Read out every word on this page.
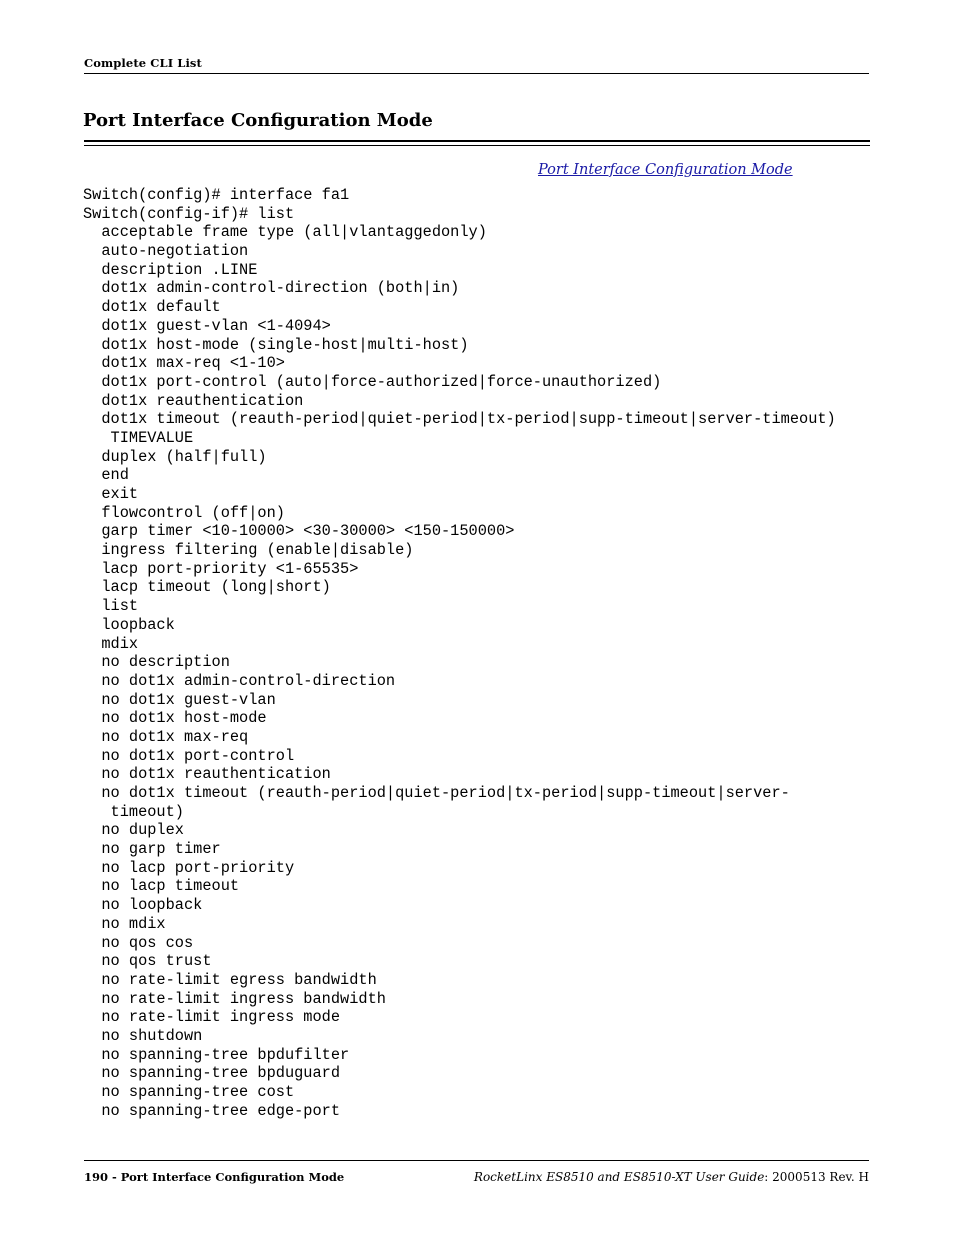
Complete CLI List
Port Interface Configuration Mode
Port Interface Configuration Mode
Switch(config)# interface fa1
Switch(config-if)# list
acceptable frame type (all|vlantaggedonly)
auto-negotiation
description .LINE
dot1x admin-control-direction (both|in)
dot1x default
dot1x guest-vlan <1-4094>
dot1x host-mode (single-host|multi-host)
dot1x max-req <1-10>
dot1x port-control (auto|force-authorized|force-unauthorized)
dot1x reauthentication
dot1x timeout (reauth-period|quiet-period|tx-period|supp-timeout|server-timeout)
TIMEVALUE
duplex (half|full)
end
exit
flowcontrol (off|on)
garp timer <10-10000> <30-30000> <150-150000>
ingress filtering (enable|disable)
lacp port-priority <1-65535>
lacp timeout (long|short)
list
loopback
mdix
no description
no dot1x admin-control-direction
no dot1x guest-vlan
no dot1x host-mode
no dot1x max-req
no dot1x port-control
no dot1x reauthentication
no dot1x timeout (reauth-period|quiet-period|tx-period|supp-timeout|server-
timeout)
no duplex
no garp timer
no lacp port-priority
no lacp timeout
no loopback
no mdix
no qos cos
no qos trust
no rate-limit egress bandwidth
no rate-limit ingress bandwidth
no rate-limit ingress mode
no shutdown
no spanning-tree bpdufilter
no spanning-tree bpduguard
no spanning-tree cost
no spanning-tree edge-port
190 - Port Interface Configuration Mode	RocketLinx ES8510 and ES8510-XT User Guide: 2000513 Rev. H
